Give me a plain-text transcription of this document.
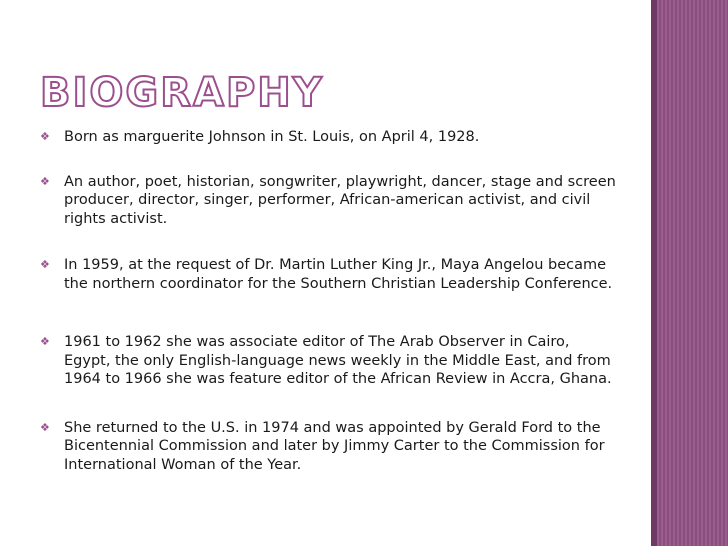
BIOGRAPHY
❖ Born as marguerite Johnson in St. Louis, on April 4, 1928.
❖ An author, poet, historian, songwriter, playwright, dancer, stage and screen producer, director, singer, performer, African-american activist, and civil rights activist.
❖ In 1959, at the request of Dr. Martin Luther King Jr., Maya Angelou became the northern coordinator for the Southern Christian Leadership Conference.
❖ 1961 to 1962 she was associate editor of The Arab Observer in Cairo, Egypt, the only English-language news weekly in the Middle East, and from 1964 to 1966 she was feature editor of the African Review in Accra, Ghana.
❖ She returned to the U.S. in 1974 and was appointed by Gerald Ford to the Bicentennial Commission and later by Jimmy Carter to the Commission for International Woman of the Year.
